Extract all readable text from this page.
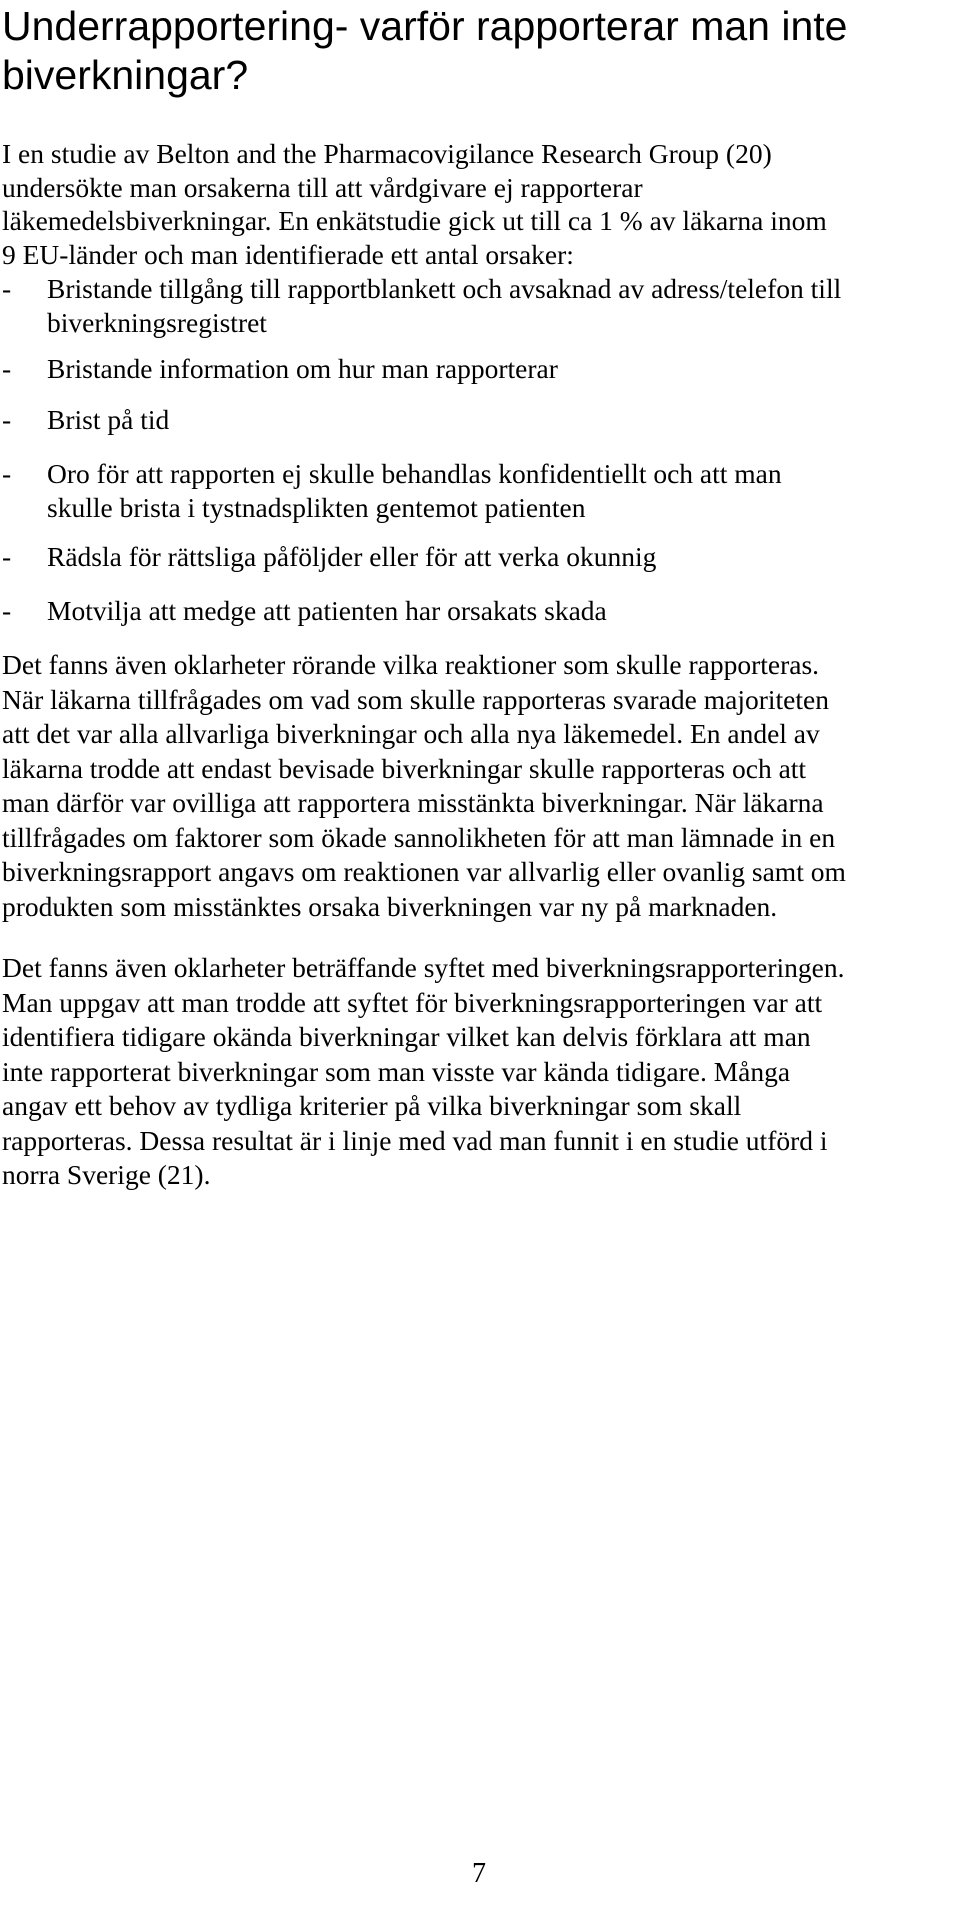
Underrapportering- varför rapporterar man inte
biverkningar?

I en studie av Belton and the Pharmacovigilance Research Group (20)
undersökte man orsakerna till att vårdgivare ej rapporterar
läkemedelsbiverkningar. En enkätstudie gick ut till ca 1 % av läkarna inom
9 EU-länder och man identifierade ett antal orsaker:

- Bristande tillgång till rapportblankett och avsaknad av adress/telefon till
biverkningsregistret
- Bristande information om hur man rapporterar
- Brist på tid
- Oro för att rapporten ej skulle behandlas konfidentiellt och att man
skulle brista i tystnadsplikten gentemot patienten
- Rädsla för rättsliga påföljder eller för att verka okunnig
- Motvilja att medge att patienten har orsakats skada

Det fanns även oklarheter rörande vilka reaktioner som skulle rapporteras.
När läkarna tillfrågades om vad som skulle rapporteras svarade majoriteten
att det var alla allvarliga biverkningar och alla nya läkemedel. En andel av
läkarna trodde att endast bevisade biverkningar skulle rapporteras och att
man därför var ovilliga att rapportera misstänkta biverkningar. När läkarna
tillfrågades om faktorer som ökade sannolikheten för att man lämnade in en
biverkningsrapport angavs om reaktionen var allvarlig eller ovanlig samt om
produkten som misstänktes orsaka biverkningen var ny på marknaden.

Det fanns även oklarheter beträffande syftet med biverkningsrapporteringen.
Man uppgav att man trodde att syftet för biverkningsrapporteringen var att
identifiera tidigare okända biverkningar vilket kan delvis förklara att man
inte rapporterat biverkningar som man visste var kända tidigare. Många
angav ett behov av tydliga kriterier på vilka biverkningar som skall
rapporteras. Dessa resultat är i linje med vad man funnit i en studie utförd i
norra Sverige (21).

7
